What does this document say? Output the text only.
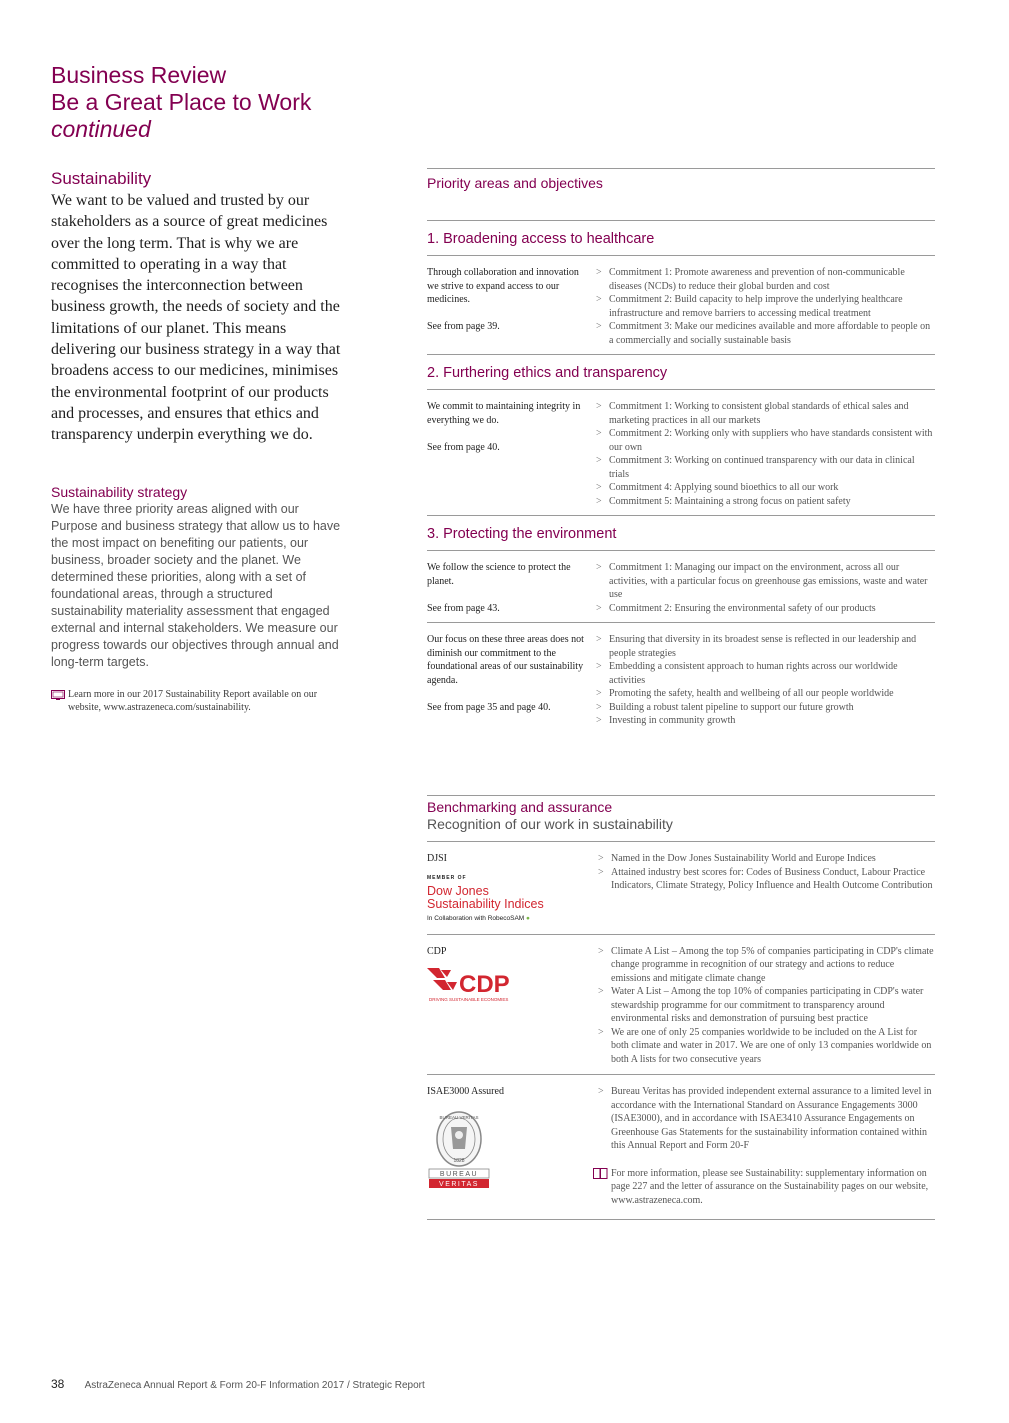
Business Review
Be a Great Place to Work
continued
Sustainability
We want to be valued and trusted by our stakeholders as a source of great medicines over the long term. That is why we are committed to operating in a way that recognises the interconnection between business growth, the needs of society and the limitations of our planet. This means delivering our business strategy in a way that broadens access to our medicines, minimises the environmental footprint of our products and processes, and ensures that ethics and transparency underpin everything we do.
Sustainability strategy
We have three priority areas aligned with our Purpose and business strategy that allow us to have the most impact on benefiting our patients, our business, broader society and the planet. We determined these priorities, along with a set of foundational areas, through a structured sustainability materiality assessment that engaged external and internal stakeholders. We measure our progress towards our objectives through annual and long-term targets.
Learn more in our 2017 Sustainability Report available on our website, www.astrazeneca.com/sustainability.
Priority areas and objectives
1. Broadening access to healthcare
Through collaboration and innovation we strive to expand access to our medicines.
See from page 39.
> Commitment 1: Promote awareness and prevention of non-communicable diseases (NCDs) to reduce their global burden and cost
> Commitment 2: Build capacity to help improve the underlying healthcare infrastructure and remove barriers to accessing medical treatment
> Commitment 3: Make our medicines available and more affordable to people on a commercially and socially sustainable basis
2. Furthering ethics and transparency
We commit to maintaining integrity in everything we do.
See from page 40.
> Commitment 1: Working to consistent global standards of ethical sales and marketing practices in all our markets
> Commitment 2: Working only with suppliers who have standards consistent with our own
> Commitment 3: Working on continued transparency with our data in clinical trials
> Commitment 4: Applying sound bioethics to all our work
> Commitment 5: Maintaining a strong focus on patient safety
3. Protecting the environment
We follow the science to protect the planet.
See from page 43.
> Commitment 1: Managing our impact on the environment, across all our activities, with a particular focus on greenhouse gas emissions, waste and water use
> Commitment 2: Ensuring the environmental safety of our products
Our focus on these three areas does not diminish our commitment to the foundational areas of our sustainability agenda.
See from page 35 and page 40.
> Ensuring that diversity in its broadest sense is reflected in our leadership and people strategies
> Embedding a consistent approach to human rights across our worldwide activities
> Promoting the safety, health and wellbeing of all our people worldwide
> Building a robust talent pipeline to support our future growth
> Investing in community growth
Benchmarking and assurance
Recognition of our work in sustainability
DJSI
MEMBER OF
Dow Jones
Sustainability Indices
In Collaboration with RobecoSAM ●
> Named in the Dow Jones Sustainability World and Europe Indices
> Attained industry best scores for: Codes of Business Conduct, Labour Practice Indicators, Climate Strategy, Policy Influence and Health Outcome Contribution
CDP
CDP
DRIVING SUSTAINABLE ECONOMIES
> Climate A List – Among the top 5% of companies participating in CDP's climate change programme in recognition of our strategy and actions to reduce emissions and mitigate climate change
> Water A List – Among the top 10% of companies participating in CDP's water stewardship programme for our commitment to transparency around environmental risks and demonstration of pursuing best practice
> We are one of only 25 companies worldwide to be included on the A List for both climate and water in 2017. We are one of only 13 companies worldwide on both A lists for two consecutive years
ISAE3000 Assured
BUREAU VERITAS
1828
BUREAU
VERITAS
> Bureau Veritas has provided independent external assurance to a limited level in accordance with the International Standard on Assurance Engagements 3000 (ISAE3000), and in accordance with ISAE3410 Assurance Engagements on Greenhouse Gas Statements for the sustainability information contained within this Annual Report and Form 20-F
For more information, please see Sustainability: supplementary information on page 227 and the letter of assurance on the Sustainability pages on our website, www.astrazeneca.com.
38 AstraZeneca Annual Report & Form 20-F Information 2017 / Strategic Report
